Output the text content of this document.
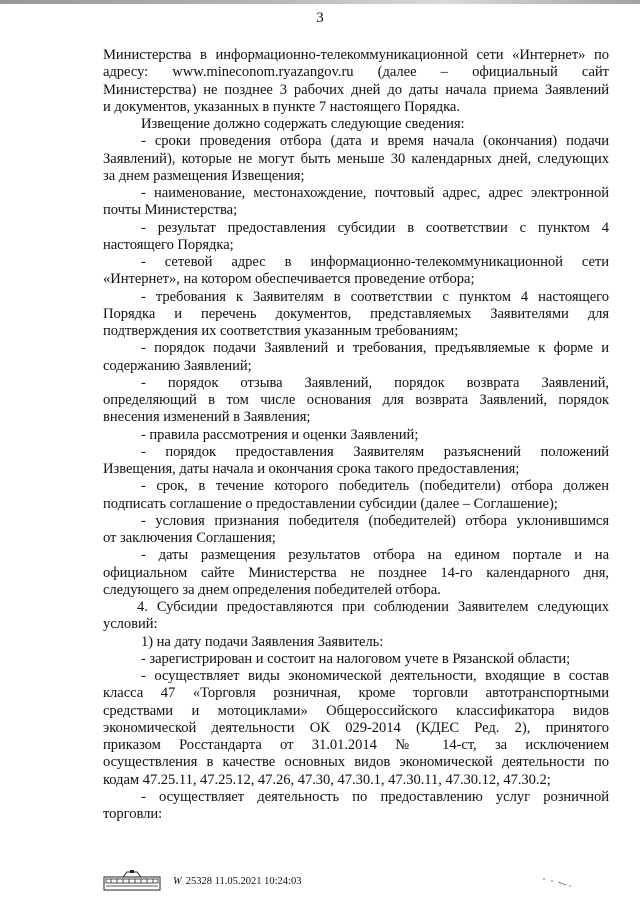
3
Министерства в информационно-телекоммуникационной сети «Интернет» по
адресу: www.mineconom.ryazangov.ru (далее – официальный сайт
Министерства) не позднее 3 рабочих дней до даты начала приема Заявлений
и документов, указанных в пункте 7 настоящего Порядка.
Извещение должно содержать следующие сведения:
- сроки проведения отбора (дата и время начала (окончания) подачи
Заявлений), которые не могут быть меньше 30 календарных дней, следующих
за днем размещения Извещения;
- наименование, местонахождение, почтовый адрес, адрес электронной
почты Министерства;
- результат предоставления субсидии в соответствии с пунктом 4
настоящего Порядка;
- сетевой адрес в информационно-телекоммуникационной сети
«Интернет», на котором обеспечивается проведение отбора;
- требования к Заявителям в соответствии с пунктом 4 настоящего
Порядка и перечень документов, представляемых Заявителями для
подтверждения их соответствия указанным требованиям;
- порядок подачи Заявлений и требования, предъявляемые к форме и
содержанию Заявлений;
- порядок отзыва Заявлений, порядок возврата Заявлений,
определяющий в том числе основания для возврата Заявлений, порядок
внесения изменений в Заявления;
- правила рассмотрения и оценки Заявлений;
- порядок предоставления Заявителям разъяснений положений
Извещения, даты начала и окончания срока такого предоставления;
- срок, в течение которого победитель (победители) отбора должен
подписать соглашение о предоставлении субсидии (далее – Соглашение);
- условия признания победителя (победителей) отбора уклонившимся
от заключения Соглашения;
- даты размещения результатов отбора на едином портале и на
официальном сайте Министерства не позднее 14-го календарного дня,
следующего за днем определения победителей отбора.
4. Субсидии предоставляются при соблюдении Заявителем следующих
условий:
1) на дату подачи Заявления Заявитель:
- зарегистрирован и состоит на налоговом учете в Рязанской области;
- осуществляет виды экономической деятельности, входящие в состав
класса 47 «Торговля розничная, кроме торговли автотранспортными
средствами и мотоциклами» Общероссийского классификатора видов
экономической деятельности ОК 029-2014 (КДЕС Ред. 2), принятого
приказом Росстандарта от 31.01.2014 № 14-ст, за исключением
осуществления в качестве основных видов экономической деятельности по
кодам 47.25.11, 47.25.12, 47.26, 47.30, 47.30.1, 47.30.11, 47.30.12, 47.30.2;
- осуществляет деятельность по предоставлению услуг розничной
торговли:
W 25328 11.05.2021 10:24:03
